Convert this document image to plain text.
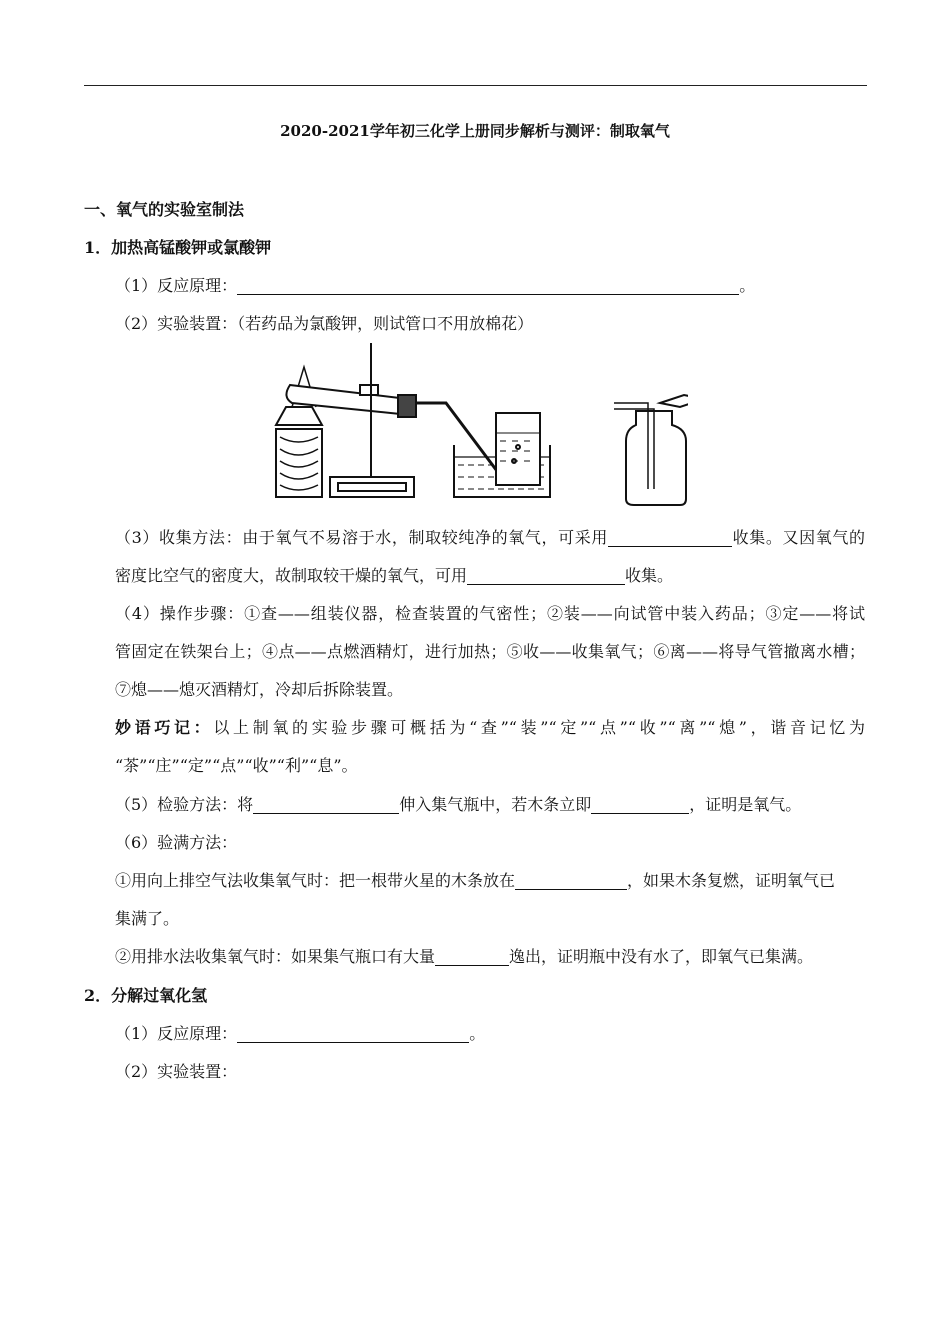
2020-2021学年初三化学上册同步解析与测评：制取氧气
一、氧气的实验室制法
1．加热高锰酸钾或氯酸钾
（1）反应原理：	。
（2）实验装置：（若药品为氯酸钾，则试管口不用放棉花）
（3）收集方法：由于氧气不易溶于水，制取较纯净的氧气，可采用	收集。又因氧气的
密度比空气的密度大，故制取较干燥的氧气，可用	收集。
（4）操作步骤：①查——组装仪器，检查装置的气密性；②装——向试管中装入药品；③定——将试
管固定在铁架台上；④点——点燃酒精灯，进行加热；⑤收——收集氧气；⑥离——将导气管撤离水槽；
⑦熄——熄灭酒精灯，冷却后拆除装置。
妙语巧记：以上制氧的实验步骤可概括为“查”“装”“定”“点”“收”“离”“熄”，谐音记忆为
“茶”“庄”“定”“点”“收”“利”“息”。
（5）检验方法：将	伸入集气瓶中，若木条立即	，证明是氧气。
（6）验满方法：
①用向上排空气法收集氧气时：把一根带火星的木条放在	，如果木条复燃，证明氧气已
集满了。
②用排水法收集氧气时：如果集气瓶口有大量	逸出，证明瓶中没有水了，即氧气已集满。
2．分解过氧化氢
（1）反应原理：	。
（2）实验装置：
